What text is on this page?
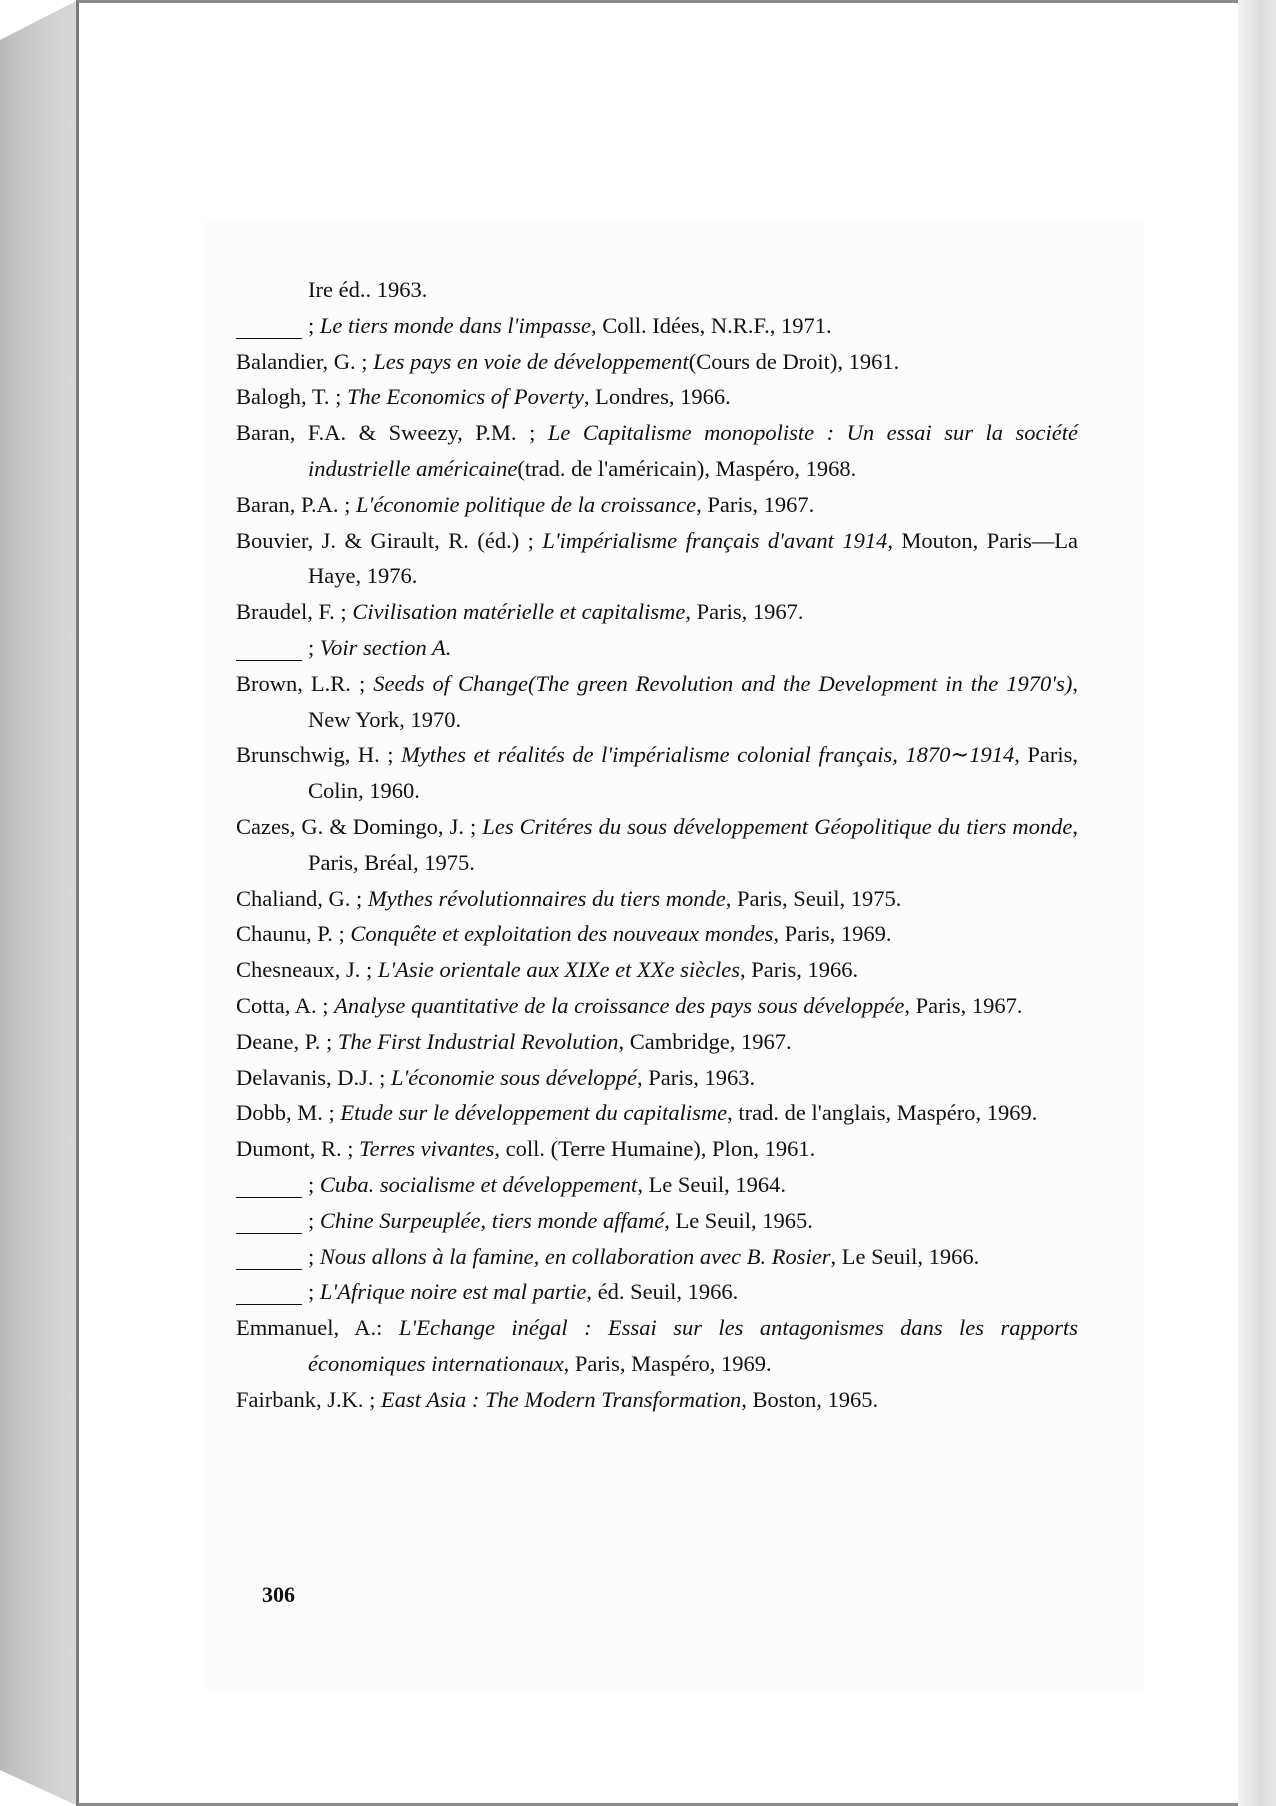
Ire éd.. 1963.

; Le tiers monde dans l'impasse, Coll. Idées, N.R.F., 1971.

Balandier, G. ; Les pays en voie de développement(Cours de Droit), 1961.

Balogh, T. ; The Economics of Poverty, Londres, 1966.

Baran, F.A. & Sweezy, P.M. ; Le Capitalisme monopoliste : Un essai sur la société industrielle américaine(trad. de l'américain), Maspéro, 1968.

Baran, P.A. ; L'économie politique de la croissance, Paris, 1967.

Bouvier, J. & Girault, R. (éd.) ; L'impérialisme français d'avant 1914, Mouton, Paris—La Haye, 1976.

Braudel, F. ; Civilisation matérielle et capitalisme, Paris, 1967.

; Voir section A.

Brown, L.R. ; Seeds of Change(The green Revolution and the Development in the 1970's), New York, 1970.

Brunschwig, H. ; Mythes et réalités de l'impérialisme colonial français, 1870∼1914, Paris, Colin, 1960.

Cazes, G. & Domingo, J. ; Les Critéres du sous développement Géopolitique du tiers monde, Paris, Bréal, 1975.

Chaliand, G. ; Mythes révolutionnaires du tiers monde, Paris, Seuil, 1975.

Chaunu, P. ; Conquête et exploitation des nouveaux mondes, Paris, 1969.

Chesneaux, J. ; L'Asie orientale aux XIXe et XXe siècles, Paris, 1966.

Cotta, A. ; Analyse quantitative de la croissance des pays sous développée, Paris, 1967.

Deane, P. ; The First Industrial Revolution, Cambridge, 1967.

Delavanis, D.J. ; L'économie sous développé, Paris, 1963.

Dobb, M. ; Etude sur le développement du capitalisme, trad. de l'anglais, Maspéro, 1969.

Dumont, R. ; Terres vivantes, coll. (Terre Humaine), Plon, 1961.

; Cuba. socialisme et développement, Le Seuil, 1964.

; Chine Surpeuplée, tiers monde affamé, Le Seuil, 1965.

; Nous allons à la famine, en collaboration avec B. Rosier, Le Seuil, 1966.

; L'Afrique noire est mal partie, éd. Seuil, 1966.

Emmanuel, A.: L'Echange inégal : Essai sur les antagonismes dans les rapports économiques internationaux, Paris, Maspéro, 1969.

Fairbank, J.K. ; East Asia : The Modern Transformation, Boston, 1965.

306
